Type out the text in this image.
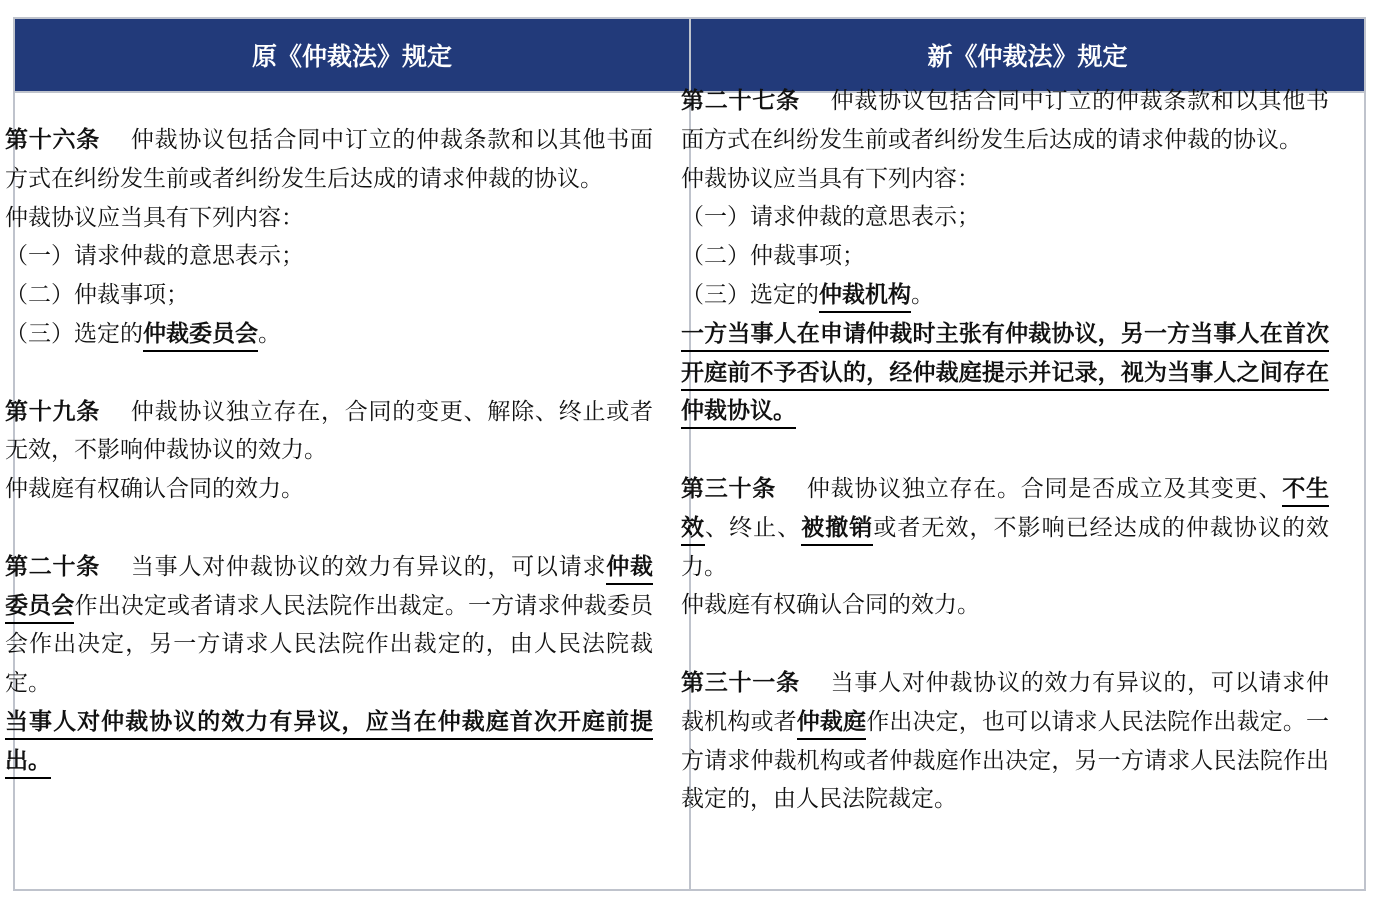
原《仲裁法》规定	新《仲裁法》规定

第十六条 仲裁协议包括合同中订立的仲裁条款和以其他书面方式在纠纷发生前或者纠纷发生后达成的请求仲裁的协议。

仲裁协议应当具有下列内容：

（一）请求仲裁的意思表示；

（二）仲裁事项；

（三）选定的仲裁委员会。

第十九条 仲裁协议独立存在，合同的变更、解除、终止或者无效，不影响仲裁协议的效力。

仲裁庭有权确认合同的效力。

第二十条 当事人对仲裁协议的效力有异议的，可以请求仲裁委员会作出决定或者请求人民法院作出裁定。一方请求仲裁委员会作出决定，另一方请求人民法院作出裁定的，由人民法院裁定。

当事人对仲裁协议的效力有异议，应当在仲裁庭首次开庭前提出。

第二十七条 仲裁协议包括合同中订立的仲裁条款和以其他书面方式在纠纷发生前或者纠纷发生后达成的请求仲裁的协议。

仲裁协议应当具有下列内容：

（一）请求仲裁的意思表示；

（二）仲裁事项；

（三）选定的仲裁机构。

一方当事人在申请仲裁时主张有仲裁协议，另一方当事人在首次开庭前不予否认的，经仲裁庭提示并记录，视为当事人之间存在仲裁协议。

第三十条 仲裁协议独立存在。合同是否成立及其变更、不生效、终止、被撤销或者无效，不影响已经达成的仲裁协议的效力。

仲裁庭有权确认合同的效力。

第三十一条 当事人对仲裁协议的效力有异议的，可以请求仲裁机构或者仲裁庭作出决定，也可以请求人民法院作出裁定。一方请求仲裁机构或者仲裁庭作出决定，另一方请求人民法院作出裁定的，由人民法院裁定。
